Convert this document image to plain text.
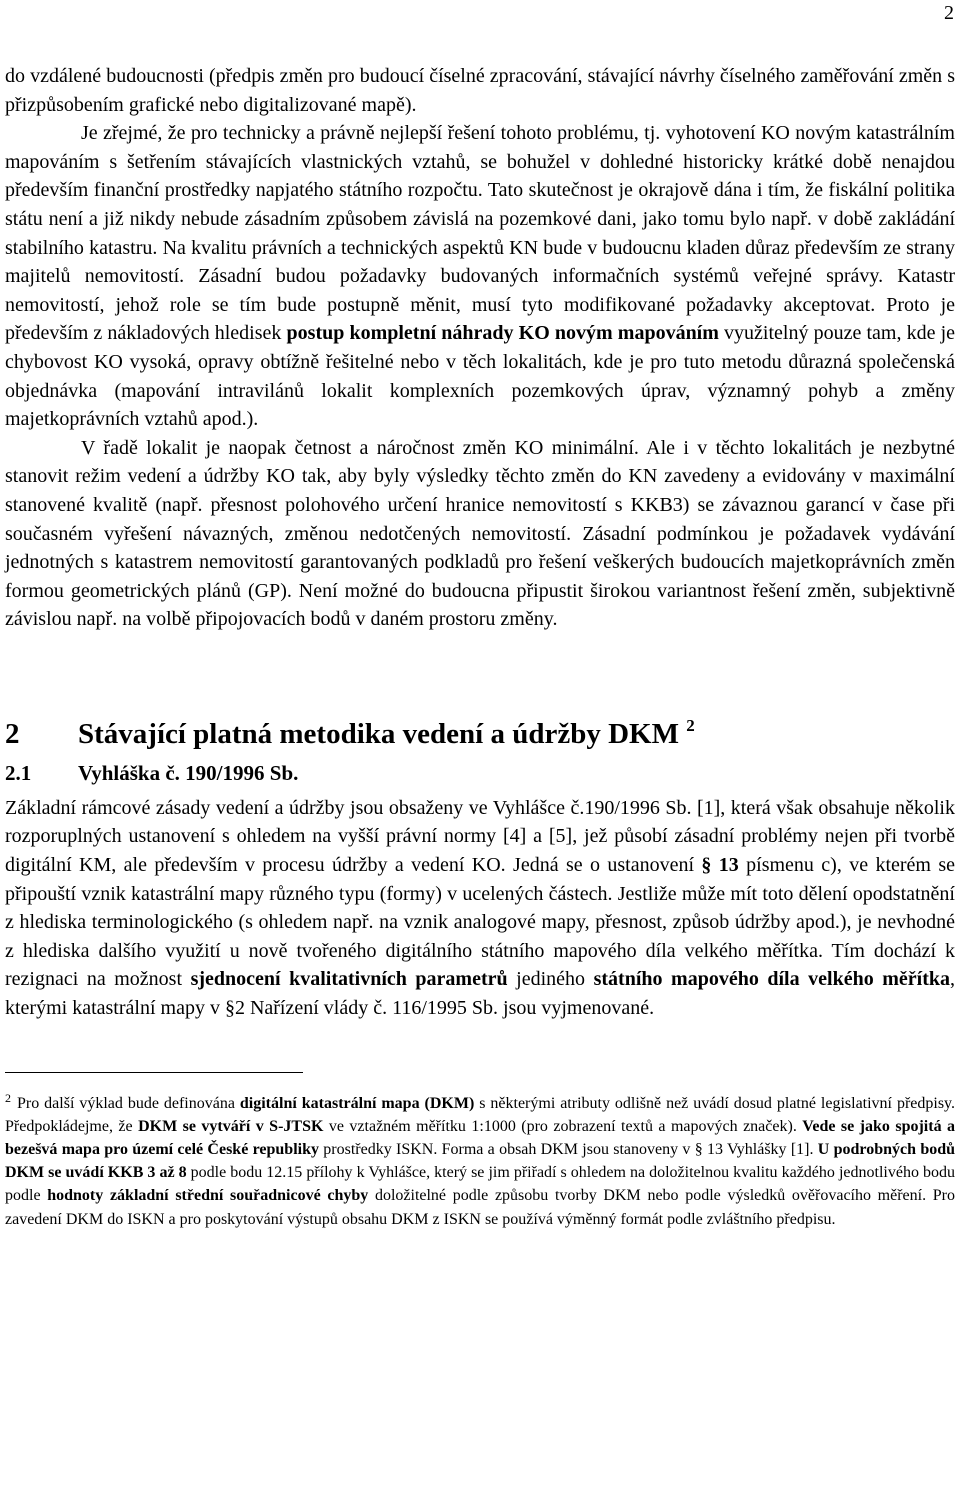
2

do vzdálené budoucnosti (předpis změn pro budoucí číselné zpracování, stávající návrhy číselného zaměřování změn s přizpůsobením grafické nebo digitalizované mapě).

Je zřejmé, že pro technicky a právně nejlepší řešení tohoto problému, tj. vyhotovení KO novým katastrálním mapováním s šetřením stávajících vlastnických vztahů, se bohužel v dohledné historicky krátké době nenajdou především finanční prostředky napjatého státního rozpočtu. Tato skutečnost je okrajově dána i tím, že fiskální politika státu není a již nikdy nebude zásadním způsobem závislá na pozemkové dani, jako tomu bylo např. v době zakládání stabilního katastru. Na kvalitu právních a technických aspektů KN bude v budoucnu kladen důraz především ze strany majitelů nemovitostí. Zásadní budou požadavky budovaných informačních systémů veřejné správy. Katastr nemovitostí, jehož role se tím bude postupně měnit, musí tyto modifikované požadavky akceptovat. Proto je především z nákladových hledisek postup kompletní náhrady KO novým mapováním využitelný pouze tam, kde je chybovost KO vysoká, opravy obtížně řešitelné nebo v těch lokalitách, kde je pro tuto metodu důrazná společenská objednávka (mapování intravilánů lokalit komplexních pozemkových úprav, významný pohyb a změny majetkoprávních vztahů apod.).

V řadě lokalit je naopak četnost a náročnost změn KO minimální. Ale i v těchto lokalitách je nezbytné stanovit režim vedení a údržby KO tak, aby byly výsledky těchto změn do KN zavedeny a evidovány v maximální stanovené kvalitě (např. přesnost polohového určení hranice nemovitostí s KKB3) se závaznou garancí v čase při současném vyřešení návazných, změnou nedotčených nemovitostí. Zásadní podmínkou je požadavek vydávání jednotných s katastrem nemovitostí garantovaných podkladů pro řešení veškerých budoucích majetkoprávních změn formou geometrických plánů (GP). Není možné do budoucna připustit širokou variantnost řešení změn, subjektivně závislou např. na volbě připojovacích bodů v daném prostoru změny.

2 Stávající platná metodika vedení a údržby DKM $^2$
2.1 Vyhláška č. 190/1996 Sb.

Základní rámcové zásady vedení a údržby jsou obsaženy ve Vyhlášce č.190/1996 Sb. [1], která však obsahuje několik rozporuplných ustanovení s ohledem na vyšší právní normy [4] a [5], jež působí zásadní problémy nejen při tvorbě digitální KM, ale především v procesu údržby a vedení KO. Jedná se o ustanovení § 13 písmenu c), ve kterém se připouští vznik katastrální mapy různého typu (formy) v ucelených částech. Jestliže může mít toto dělení opodstatnění z hlediska terminologického (s ohledem např. na vznik analogové mapy, přesnost, způsob údržby apod.), je nevhodné z hlediska dalšího využití u nově tvořeného digitálního státního mapového díla velkého měřítka. Tím dochází k rezignaci na možnost sjednocení kvalitativních parametrů jediného státního mapového díla velkého měřítka, kterými katastrální mapy v §2 Nařízení vlády č. 116/1995 Sb. jsou vyjmenované.

$^2$ Pro další výklad bude definována digitální katastrální mapa (DKM) s některými atributy odlišně než uvádí dosud platné legislativní předpisy. Předpokládejme, že DKM se vytváří v S-JTSK ve vztažném měřítku 1:1000 (pro zobrazení textů a mapových značek). Vede se jako spojitá a bezešvá mapa pro území celé České republiky prostředky ISKN. Forma a obsah DKM jsou stanoveny v § 13 Vyhlášky [1]. U podrobných bodů DKM se uvádí KKB 3 až 8 podle bodu 12.15 přílohy k Vyhlášce, který se jim přiřadí s ohledem na doložitelnou kvalitu každého jednotlivého bodu podle hodnoty základní střední souřadnicové chyby doložitelné podle způsobu tvorby DKM nebo podle výsledků ověřovacího měření. Pro zavedení DKM do ISKN a pro poskytování výstupů obsahu DKM z ISKN se používá výměnný formát podle zvláštního předpisu.
